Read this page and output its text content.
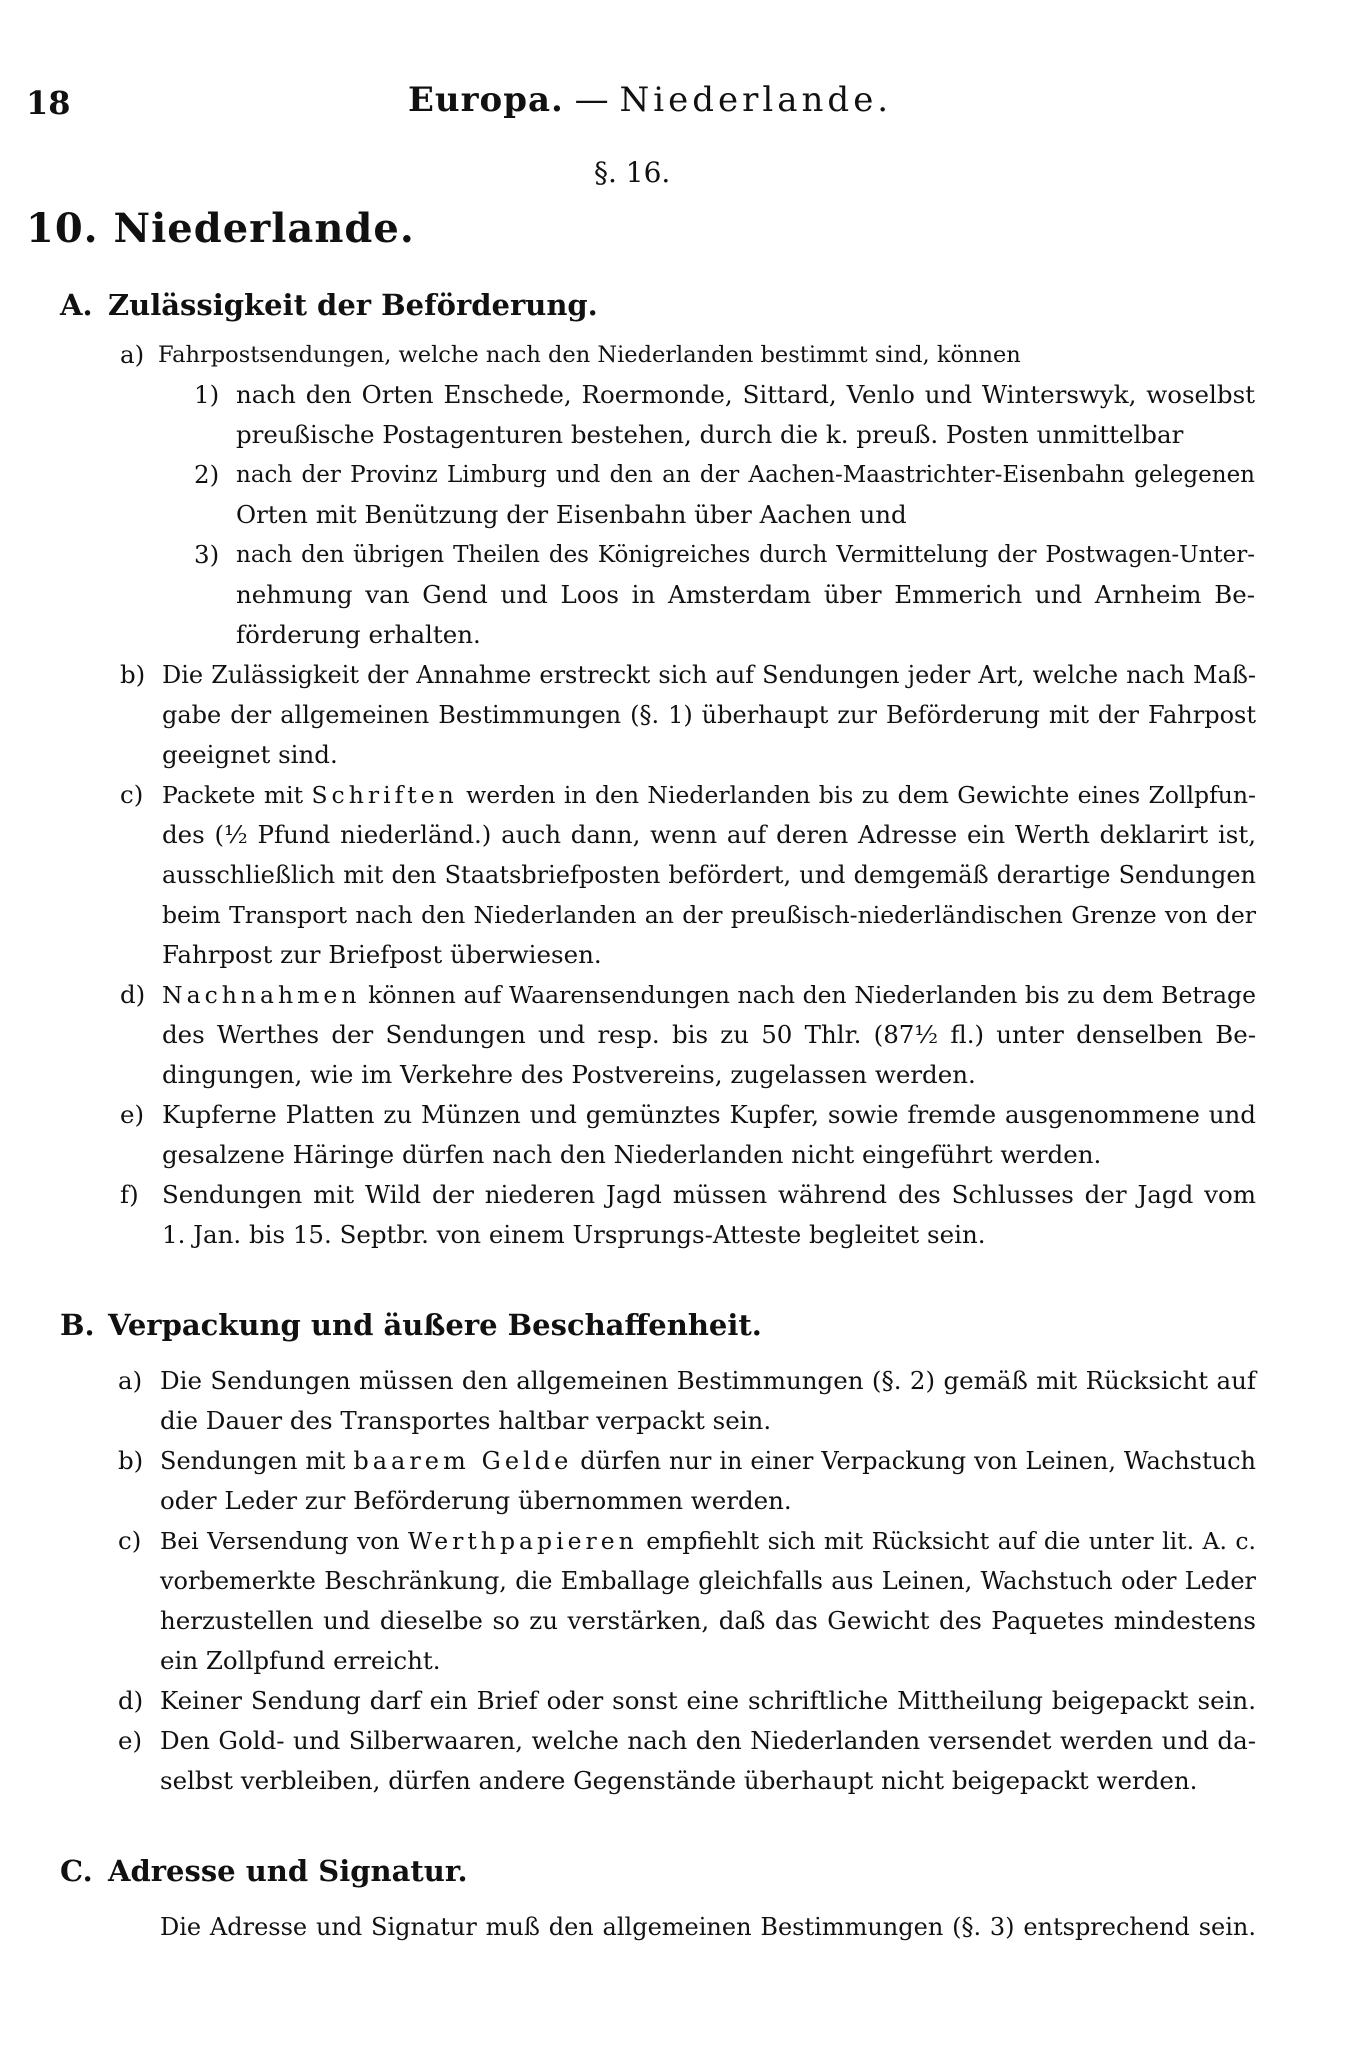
18	Europa. — Niederlande.
§. 16.
10. Niederlande.
A. Zulässigkeit der Beförderung.
a) Fahrpostsendungen, welche nach den Niederlanden bestimmt sind, können
1) nach den Orten Enschede, Roermonde, Sittard, Venlo und Winterswyk, woselbst
preußische Postagenturen bestehen, durch die k. preuß. Posten unmittelbar
2) nach der Provinz Limburg und den an der Aachen-Maastrichter-Eisenbahn gelegenen
Orten mit Benützung der Eisenbahn über Aachen und
3) nach den übrigen Theilen des Königreiches durch Vermittelung der Postwagen-Unter-
nehmung van Gend und Loos in Amsterdam über Emmerich und Arnheim Be-
förderung erhalten.
b) Die Zulässigkeit der Annahme erstreckt sich auf Sendungen jeder Art, welche nach Maß-
gabe der allgemeinen Bestimmungen (§. 1) überhaupt zur Beförderung mit der Fahrpost
geeignet sind.
c) Packete mit Schriften werden in den Niederlanden bis zu dem Gewichte eines Zollpfun-
des (½ Pfund niederländ.) auch dann, wenn auf deren Adresse ein Werth deklarirt ist,
ausschließlich mit den Staatsbriefposten befördert, und demgemäß derartige Sendungen
beim Transport nach den Niederlanden an der preußisch-niederländischen Grenze von der
Fahrpost zur Briefpost überwiesen.
d) Nachnahmen können auf Waarensendungen nach den Niederlanden bis zu dem Betrage
des Werthes der Sendungen und resp. bis zu 50 Thlr. (87½ fl.) unter denselben Be-
dingungen, wie im Verkehre des Postvereins, zugelassen werden.
e) Kupferne Platten zu Münzen und gemünztes Kupfer, sowie fremde ausgenommene und
gesalzene Häringe dürfen nach den Niederlanden nicht eingeführt werden.
f) Sendungen mit Wild der niederen Jagd müssen während des Schlusses der Jagd vom
1. Jan. bis 15. Septbr. von einem Ursprungs-Atteste begleitet sein.
B. Verpackung und äußere Beschaffenheit.
a) Die Sendungen müssen den allgemeinen Bestimmungen (§. 2) gemäß mit Rücksicht auf
die Dauer des Transportes haltbar verpackt sein.
b) Sendungen mit baarem Gelde dürfen nur in einer Verpackung von Leinen, Wachstuch
oder Leder zur Beförderung übernommen werden.
c) Bei Versendung von Werthpapieren empfiehlt sich mit Rücksicht auf die unter lit. A. c.
vorbemerkte Beschränkung, die Emballage gleichfalls aus Leinen, Wachstuch oder Leder
herzustellen und dieselbe so zu verstärken, daß das Gewicht des Paquetes mindestens
ein Zollpfund erreicht.
d) Keiner Sendung darf ein Brief oder sonst eine schriftliche Mittheilung beigepackt sein.
e) Den Gold- und Silberwaaren, welche nach den Niederlanden versendet werden und da-
selbst verbleiben, dürfen andere Gegenstände überhaupt nicht beigepackt werden.
C. Adresse und Signatur.
Die Adresse und Signatur muß den allgemeinen Bestimmungen (§. 3) entsprechend sein.
